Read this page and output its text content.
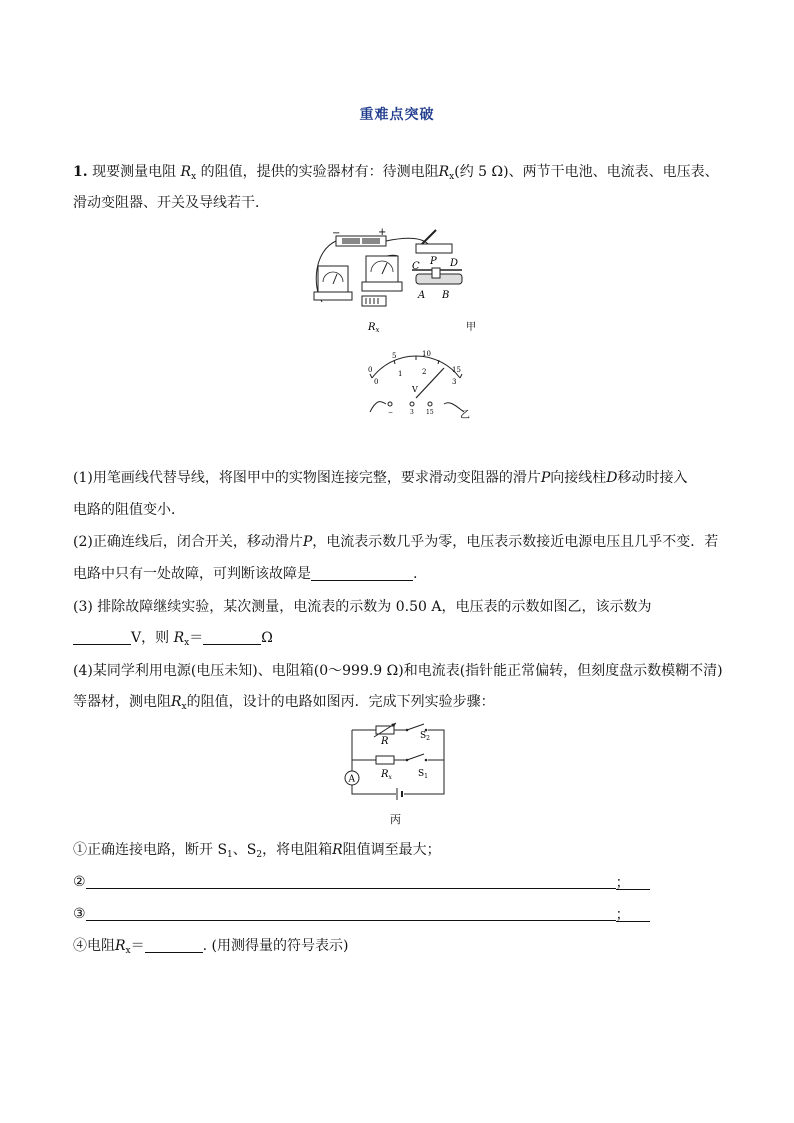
重难点突破
1. 现要测量电阻 $R_x$ 的阻值，提供的实验器材有：待测电阻$R_x$(约 5 Ω)、两节干电池、电流表、电压表、
滑动变阻器、开关及导线若干．
−	+
C P D
A B
$R_x$	甲
0
5	10
15
0
1	2
3
V
−	3 15	乙
(1)用笔画线代替导线，将图甲中的实物图连接完整，要求滑动变阻器的滑片P向接线柱D移动时接入
电路的阻值变小．
(2)正确连线后，闭合开关，移动滑片P，电流表示数几乎为零，电压表示数接近电源电压且几乎不变．若
电路中只有一处故障，可判断该故障是	.
(3) 排除故障继续实验，某次测量，电流表的示数为 0.50 A，电压表的示数如图乙，该示数为
V，则 $R_x=$	Ω
(4)某同学利用电源(电压未知)、电阻箱(0～999.9 Ω)和电流表(指针能正常偏转，但刻度盘示数模糊不清)
等器材，测电阻$R_x$的阻值，设计的电路如图丙．完成下列实验步骤：
A
R	$S_2$
$R_x$	$S_1$
丙
①正确连接电路，断开 $S_1$、$S_2$，将电阻箱R阻值调至最大；
②	；
③	；
④电阻$R_x=$	. (用测得量的符号表示)
